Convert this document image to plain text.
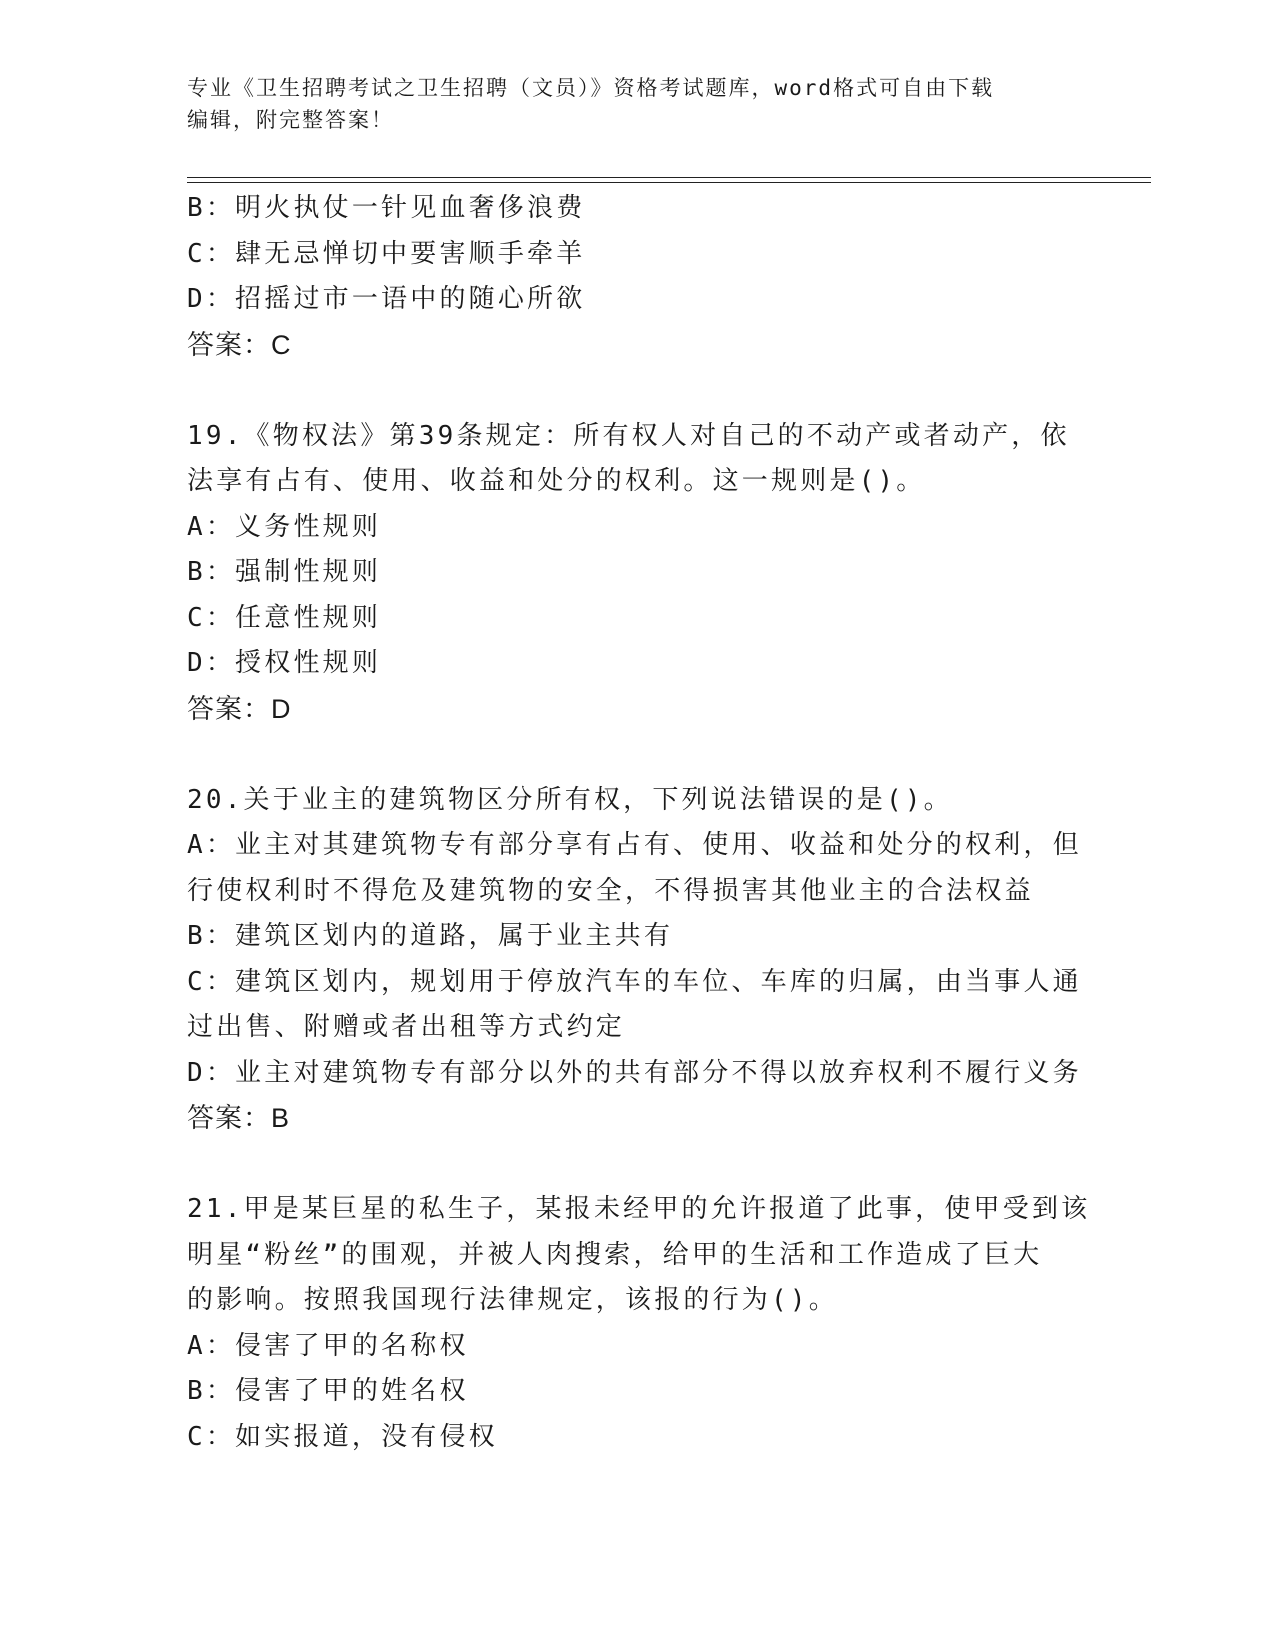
专业《卫生招聘考试之卫生招聘（文员）》资格考试题库，word格式可自由下载
编辑，附完整答案！
B：明火执仗一针见血奢侈浪费
C：肆无忌惮切中要害顺手牵羊
D：招摇过市一语中的随心所欲
答案：C
19.《物权法》第39条规定：所有权人对自己的不动产或者动产，依
法享有占有、使用、收益和处分的权利。这一规则是()。
A：义务性规则
B：强制性规则
C：任意性规则
D：授权性规则
答案：D
20.关于业主的建筑物区分所有权，下列说法错误的是()。
A：业主对其建筑物专有部分享有占有、使用、收益和处分的权利，但
行使权利时不得危及建筑物的安全，不得损害其他业主的合法权益
B：建筑区划内的道路，属于业主共有
C：建筑区划内，规划用于停放汽车的车位、车库的归属，由当事人通
过出售、附赠或者出租等方式约定
D：业主对建筑物专有部分以外的共有部分不得以放弃权利不履行义务
答案：B
21.甲是某巨星的私生子，某报未经甲的允许报道了此事，使甲受到该
明星“粉丝”的围观，并被人肉搜索，给甲的生活和工作造成了巨大
的影响。按照我国现行法律规定，该报的行为()。
A：侵害了甲的名称权
B：侵害了甲的姓名权
C：如实报道，没有侵权
